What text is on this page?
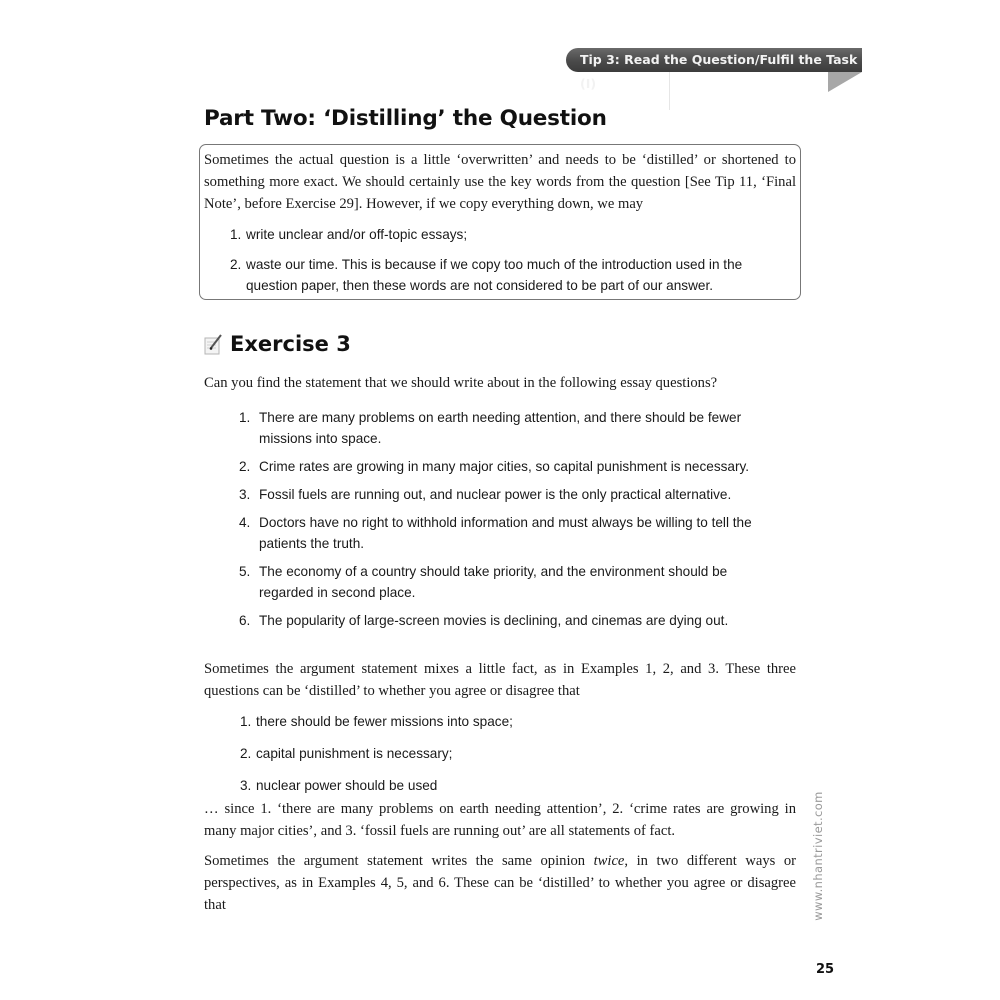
Tip 3: Read the Question/Fulfil the Task (I)
Part Two: ‘Distilling’ the Question
Sometimes the actual question is a little ‘overwritten’ and needs to be ‘distilled’ or shortened to something more exact. We should certainly use the key words from the question [See Tip 11, ‘Final Note’, before Exercise 29]. However, if we copy everything down, we may
1. write unclear and/or off-topic essays;
2. waste our time. This is because if we copy too much of the introduction used in the question paper, then these words are not considered to be part of our answer.
Exercise 3
Can you find the statement that we should write about in the following essay questions?
1. There are many problems on earth needing attention, and there should be fewer missions into space.
2. Crime rates are growing in many major cities, so capital punishment is necessary.
3. Fossil fuels are running out, and nuclear power is the only practical alternative.
4. Doctors have no right to withhold information and must always be willing to tell the patients the truth.
5. The economy of a country should take priority, and the environment should be regarded in second place.
6. The popularity of large-screen movies is declining, and cinemas are dying out.
Sometimes the argument statement mixes a little fact, as in Examples 1, 2, and 3. These three questions can be ‘distilled’ to whether you agree or disagree that
1. there should be fewer missions into space;
2. capital punishment is necessary;
3. nuclear power should be used
… since 1. ‘there are many problems on earth needing attention’, 2. ‘crime rates are growing in many major cities’, and 3. ‘fossil fuels are running out’ are all statements of fact.
Sometimes the argument statement writes the same opinion twice, in two different ways or perspectives, as in Examples 4, 5, and 6. These can be ‘distilled’ to whether you agree or disagree that	www.nhantriviet.com
25
